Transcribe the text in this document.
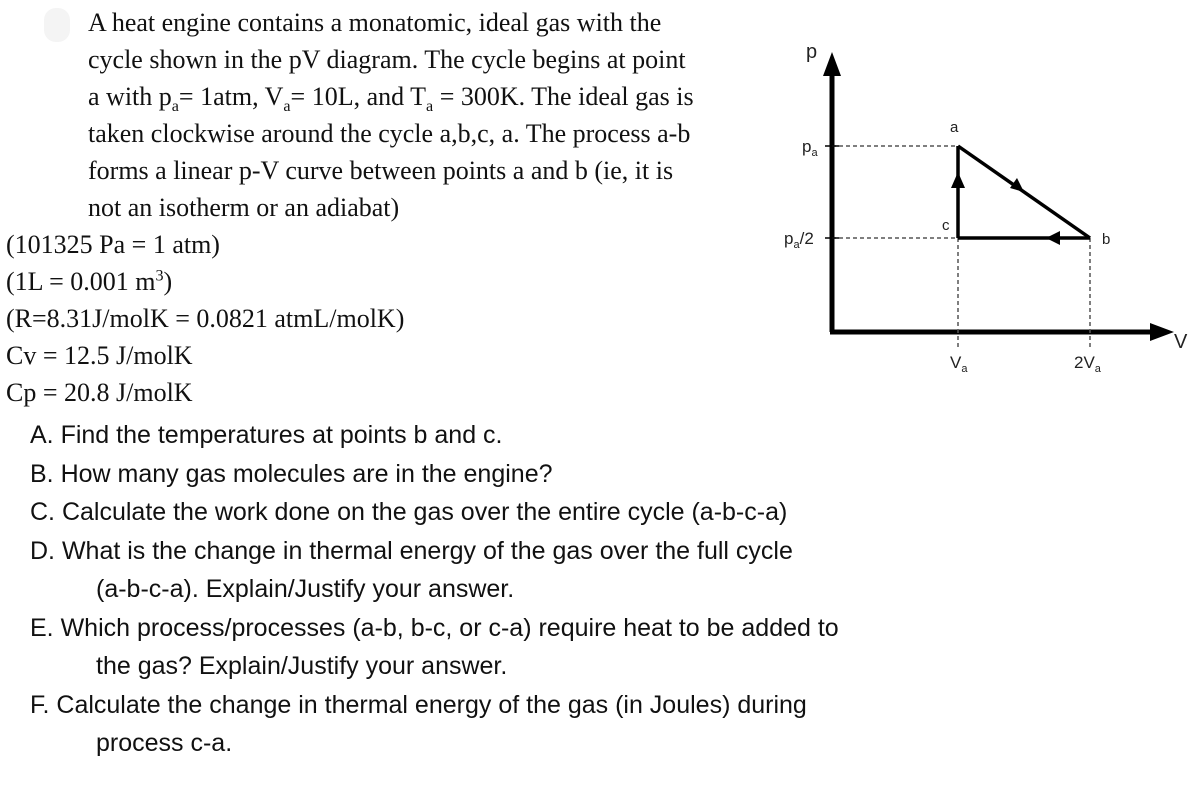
A heat engine contains a monatomic, ideal gas with the
cycle shown in the pV diagram. The cycle begins at point
a with $p_a= 1atm$, $V_a= 10L$, and $T_a = 300K$. The ideal gas is
taken clockwise around the cycle a,b,c, a. The process a-b
forms a linear p-V curve between points a and b (ie, it is
not an isotherm or an adiabat)
(101325 Pa = 1 atm)
(1L = 0.001 $m^3$)
(R=8.31J/molK = 0.0821 atmL/molK)
Cv = 12.5 J/molK
Cp = 20.8 J/molK
A. Find the temperatures at points b and c.
B. How many gas molecules are in the engine?
C. Calculate the work done on the gas over the entire cycle (a-b-c-a)
D. What is the change in thermal energy of the gas over the full cycle
(a-b-c-a). Explain/Justify your answer.
E. Which process/processes (a-b, b-c, or c-a) require heat to be added to
the gas? Explain/Justify your answer.
F. Calculate the change in thermal energy of the gas (in Joules) during
process c-a.
p
V
$p_a$
$p_a/2$
$V_a$	$2V_a$
a
b
c
